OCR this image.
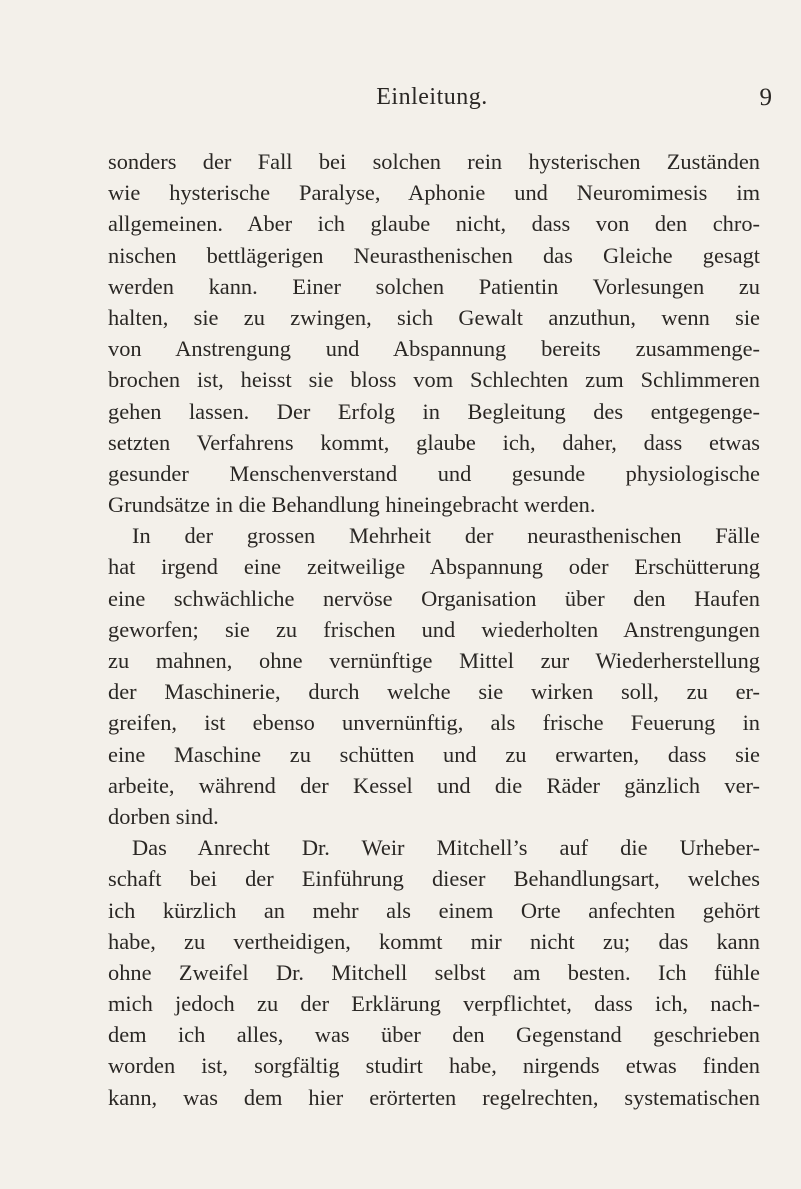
Einleitung.	9
sonders der Fall bei solchen rein hysterischen Zuständen
wie hysterische Paralyse, Aphonie und Neuromimesis im
allgemeinen. Aber ich glaube nicht, dass von den chro-
nischen bettlägerigen Neurasthenischen das Gleiche gesagt
werden kann. Einer solchen Patientin Vorlesungen zu
halten, sie zu zwingen, sich Gewalt anzuthun, wenn sie
von Anstrengung und Abspannung bereits zusammenge-
brochen ist, heisst sie bloss vom Schlechten zum Schlimmeren
gehen lassen. Der Erfolg in Begleitung des entgegenge-
setzten Verfahrens kommt, glaube ich, daher, dass etwas
gesunder Menschenverstand und gesunde physiologische
Grundsätze in die Behandlung hineingebracht werden.
In der grossen Mehrheit der neurasthenischen Fälle
hat irgend eine zeitweilige Abspannung oder Erschütterung
eine schwächliche nervöse Organisation über den Haufen
geworfen; sie zu frischen und wiederholten Anstrengungen
zu mahnen, ohne vernünftige Mittel zur Wiederherstellung
der Maschinerie, durch welche sie wirken soll, zu er-
greifen, ist ebenso unvernünftig, als frische Feuerung in
eine Maschine zu schütten und zu erwarten, dass sie
arbeite, während der Kessel und die Räder gänzlich ver-
dorben sind.
Das Anrecht Dr. Weir Mitchell’s auf die Urheber-
schaft bei der Einführung dieser Behandlungsart, welches
ich kürzlich an mehr als einem Orte anfechten gehört
habe, zu vertheidigen, kommt mir nicht zu; das kann
ohne Zweifel Dr. Mitchell selbst am besten. Ich fühle
mich jedoch zu der Erklärung verpflichtet, dass ich, nach-
dem ich alles, was über den Gegenstand geschrieben
worden ist, sorgfältig studirt habe, nirgends etwas finden
kann, was dem hier erörterten regelrechten, systematischen
